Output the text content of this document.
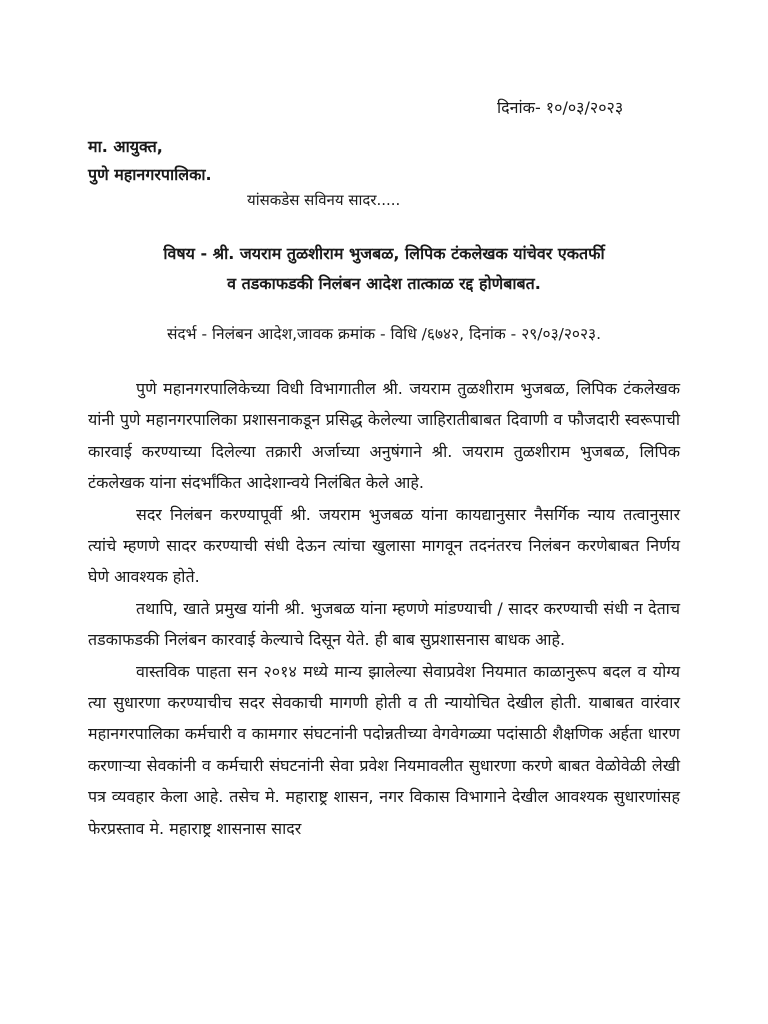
दिनांक- १०/०३/२०२३
मा. आयुक्त,
पुणे महानगरपालिका.
यांसकडेस सविनय सादर.....
विषय - श्री. जयराम तुळशीराम भुजबळ, लिपिक टंकलेखक यांचेवर एकतर्फी
व तडकाफडकी निलंबन आदेश तात्काळ रद्द होणेबाबत.
संदर्भ - निलंबन आदेश,जावक क्रमांक - विधि /६७४२, दिनांक - २९/०३/२०२३.

पुणे महानगरपालिकेच्या विधी विभागातील श्री. जयराम तुळशीराम भुजबळ, लिपिक टंकलेखक यांनी पुणे महानगरपालिका प्रशासनाकडून प्रसिद्ध केलेल्या जाहिरातीबाबत दिवाणी व फौजदारी स्वरूपाची कारवाई करण्याच्या दिलेल्या तक्रारी अर्जाच्या अनुषंगाने श्री. जयराम तुळशीराम भुजबळ, लिपिक टंकलेखक यांना संदर्भांकित आदेशान्वये निलंबित केले आहे.

सदर निलंबन करण्यापूर्वी श्री. जयराम भुजबळ यांना कायद्यानुसार नैसर्गिक न्याय तत्वानुसार त्यांचे म्हणणे सादर करण्याची संधी देऊन त्यांचा खुलासा मागवून तदनंतरच निलंबन करणेबाबत निर्णय घेणे आवश्यक होते.

तथापि, खाते प्रमुख यांनी श्री. भुजबळ यांना म्हणणे मांडण्याची / सादर करण्याची संधी न देताच तडकाफडकी निलंबन कारवाई केल्याचे दिसून येते. ही बाब सुप्रशासनास बाधक आहे.

वास्तविक पाहता सन २०१४ मध्ये मान्य झालेल्या सेवाप्रवेश नियमात काळानुरूप बदल व योग्य त्या सुधारणा करण्याचीच सदर सेवकाची मागणी होती व ती न्यायोचित देखील होती. याबाबत वारंवार महानगरपालिका कर्मचारी व कामगार संघटनांनी पदोन्नतीच्या वेगवेगळ्या पदांसाठी शैक्षणिक अर्हता धारण करणाऱ्या सेवकांनी व कर्मचारी संघटनांनी सेवा प्रवेश नियमावलीत सुधारणा करणे बाबत वेळोवेळी लेखी पत्र व्यवहार केला आहे. तसेच मे. महाराष्ट्र शासन, नगर विकास विभागाने देखील आवश्यक सुधारणांसह फेरप्रस्ताव मे. महाराष्ट्र शासनास सादर
